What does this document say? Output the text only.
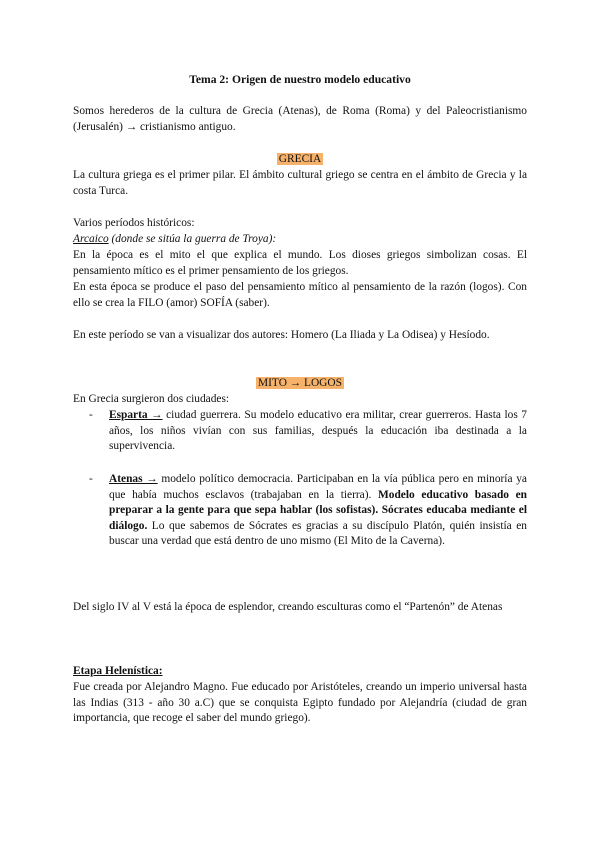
Tema 2: Origen de nuestro modelo educativo
Somos herederos de la cultura de Grecia (Atenas), de Roma (Roma) y del Paleocristianismo (Jerusalén) → cristianismo antiguo.
GRECIA
La cultura griega es el primer pilar. El ámbito cultural griego se centra en el ámbito de Grecia y la costa Turca.
Varios períodos históricos:
Arcaico (donde se sitúa la guerra de Troya):
En la época es el mito el que explica el mundo. Los dioses griegos simbolizan cosas. El pensamiento mítico es el primer pensamiento de los griegos.
En esta época se produce el paso del pensamiento mítico al pensamiento de la razón (logos). Con ello se crea la FILO (amor) SOFÍA (saber).
En este período se van a visualizar dos autores: Homero (La Iliada y La Odisea) y Hesíodo.
MITO → LOGOS
En Grecia surgieron dos ciudades:
- Esparta → ciudad guerrera. Su modelo educativo era militar, crear guerreros. Hasta los 7 años, los niños vivían con sus familias, después la educación iba destinada a la supervivencia.
- Atenas → modelo político democracia. Participaban en la vía pública pero en minoría ya que había muchos esclavos (trabajaban en la tierra). Modelo educativo basado en preparar a la gente para que sepa hablar (los sofistas). Sócrates educaba mediante el diálogo. Lo que sabemos de Sócrates es gracias a su discípulo Platón, quién insistía en buscar una verdad que está dentro de uno mismo (El Mito de la Caverna).
Del siglo IV al V está la época de esplendor, creando esculturas como el “Partenón” de Atenas
Etapa Helenística:
Fue creada por Alejandro Magno. Fue educado por Aristóteles, creando un imperio universal hasta las Indias (313 - año 30 a.C) que se conquista Egipto fundado por Alejandría (ciudad de gran importancia, que recoge el saber del mundo griego).
